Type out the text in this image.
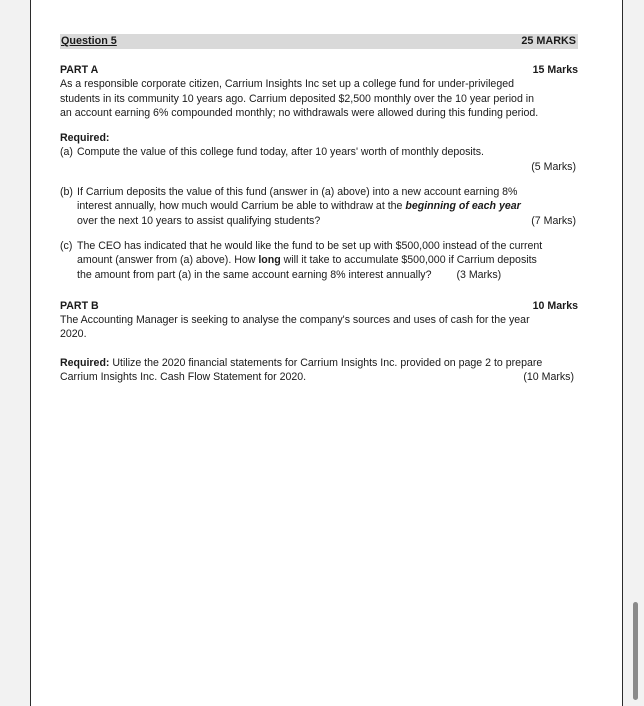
Question 5	25 MARKS
PART A	15 Marks
As a responsible corporate citizen, Carrium Insights Inc set up a college fund for under-privileged
students in its community 10 years ago. Carrium deposited $2,500 monthly over the 10 year period in
an account earning 6% compounded monthly; no withdrawals were allowed during this funding period.
Required:
(a) Compute the value of this college fund today, after 10 years' worth of monthly deposits.
(5 Marks)
(b) If Carrium deposits the value of this fund (answer in (a) above) into a new account earning 8%
interest annually, how much would Carrium be able to withdraw at the beginning of each year
over the next 10 years to assist qualifying students?	(7 Marks)
(c) The CEO has indicated that he would like the fund to be set up with $500,000 instead of the current
amount (answer from (a) above). How long will it take to accumulate $500,000 if Carrium deposits
the amount from part (a) in the same account earning 8% interest annually? (3 Marks)
PART B	10 Marks
The Accounting Manager is seeking to analyse the company's sources and uses of cash for the year
2020.
Required: Utilize the 2020 financial statements for Carrium Insights Inc. provided on page 2 to prepare
Carrium Insights Inc. Cash Flow Statement for 2020.	(10 Marks)
